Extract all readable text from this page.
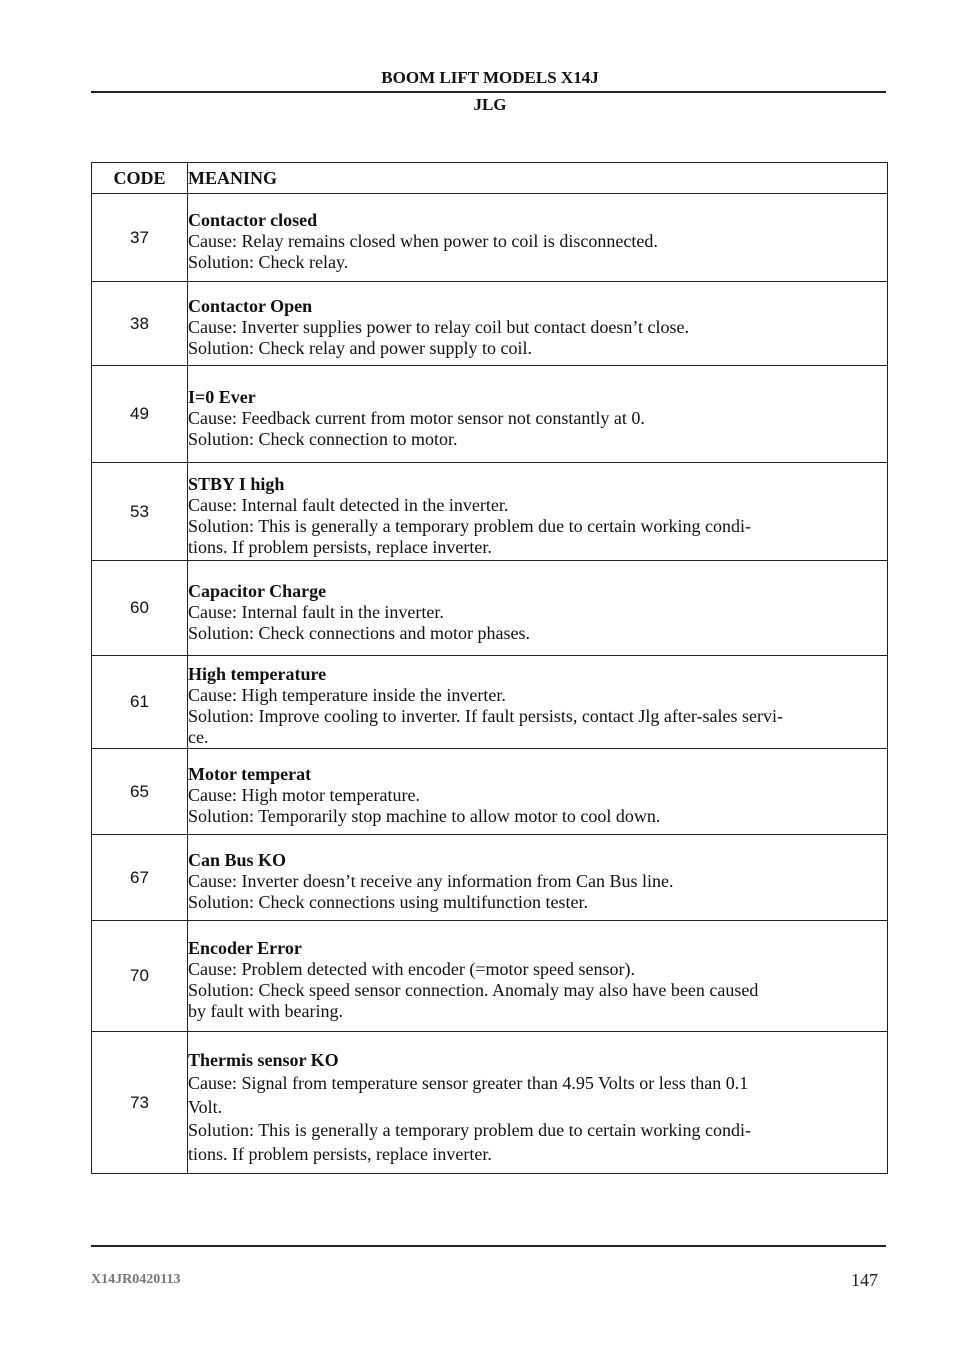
BOOM LIFT MODELS X14J
JLG
CODE	MEANING
37	Contactor closed
Cause: Relay remains closed when power to coil is disconnected.
Solution: Check relay.

38	Contactor Open
Cause: Inverter supplies power to relay coil but contact doesn’t close.
Solution: Check relay and power supply to coil.

49	I=0 Ever
Cause: Feedback current from motor sensor not constantly at 0.
Solution: Check connection to motor.

53	STBY I high
Cause: Internal fault detected in the inverter.
Solution: This is generally a temporary problem due to certain working condi-
tions. If problem persists, replace inverter.

60	Capacitor Charge
Cause: Internal fault in the inverter.
Solution: Check connections and motor phases.

61	High temperature
Cause: High temperature inside the inverter.
Solution: Improve cooling to inverter. If fault persists, contact Jlg after-sales servi-
ce.

65	Motor temperat
Cause: High motor temperature.
Solution: Temporarily stop machine to allow motor to cool down.

67	Can Bus KO
Cause: Inverter doesn’t receive any information from Can Bus line.
Solution: Check connections using multifunction tester.

70	Encoder Error
Cause: Problem detected with encoder (=motor speed sensor).
Solution: Check speed sensor connection. Anomaly may also have been caused
by fault with bearing.

73	Thermis sensor KO
Cause: Signal from temperature sensor greater than 4.95 Volts or less than 0.1
Volt.
Solution: This is generally a temporary problem due to certain working condi-
tions. If problem persists, replace inverter.
X14JR0420113	147
